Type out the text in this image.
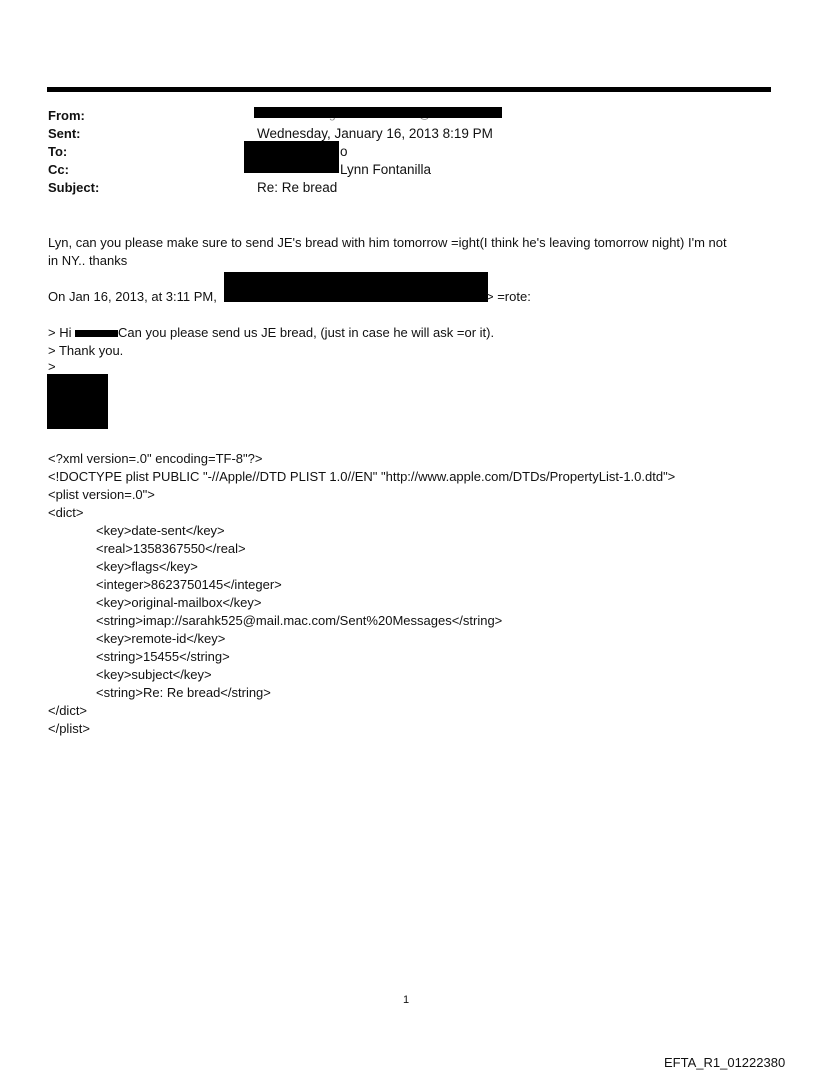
From:
Sent:
To:
Cc:
Subject:
Wednesday, January 16, 2013 8:19 PM
o
Lynn Fontanilla
Re: Re bread
Lyn, can you please make sure to send JE's bread with him tomorrow =ight(I think he's leaving tomorrow night) I'm not
in NY.. thanks
On Jan 16, 2013, at 3:11 PM,	> =rote:
> Hi	Can you please send us JE bread, (just in case he will ask =or it).
> Thank you.
>
<?xml version=.0" encoding=TF-8"?>
<!DOCTYPE plist PUBLIC "-//Apple//DTD PLIST 1.0//EN" "http://www.apple.com/DTDs/PropertyList-1.0.dtd">
<plist version=.0">
<dict>
<key>date-sent</key>
<real>1358367550</real>
<key>flags</key>
<integer>8623750145</integer>
<key>original-mailbox</key>
<string>imap://sarahk525@mail.mac.com/Sent%20Messages</string>
<key>remote-id</key>
<string>15455</string>
<key>subject</key>
<string>Re: Re bread</string>
</dict>
</plist>
1
EFTA_R1_01222380
